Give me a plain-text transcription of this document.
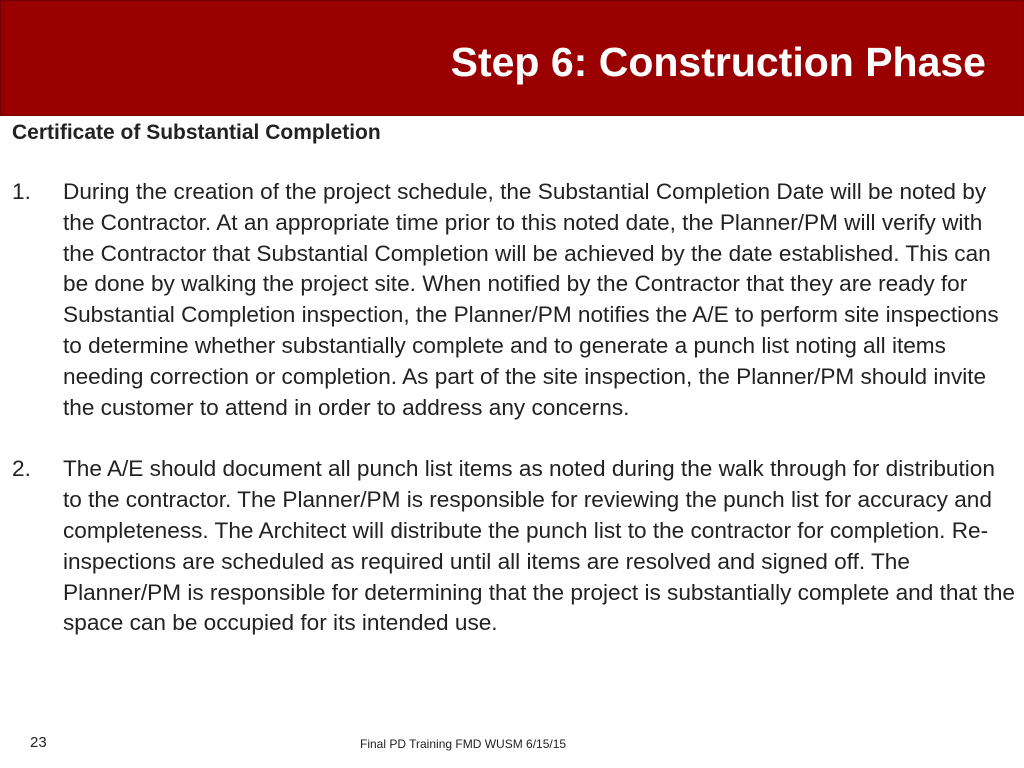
Step 6: Construction Phase
Certificate of Substantial Completion
1. During the creation of the project schedule, the Substantial Completion Date will be noted by the Contractor. At an appropriate time prior to this noted date, the Planner/PM will verify with the Contractor that Substantial Completion will be achieved by the date established. This can be done by walking the project site. When notified by the Contractor that they are ready for Substantial Completion inspection, the Planner/PM notifies the A/E to perform site inspections to determine whether substantially complete and to generate a punch list noting all items needing correction or completion. As part of the site inspection, the Planner/PM should invite the customer to attend in order to address any concerns.
2. The A/E should document all punch list items as noted during the walk through for distribution to the contractor. The Planner/PM is responsible for reviewing the punch list for accuracy and completeness. The Architect will distribute the punch list to the contractor for completion. Re-inspections are scheduled as required until all items are resolved and signed off. The Planner/PM is responsible for determining that the project is substantially complete and that the space can be occupied for its intended use.
23	Final PD Training FMD WUSM 6/15/15
